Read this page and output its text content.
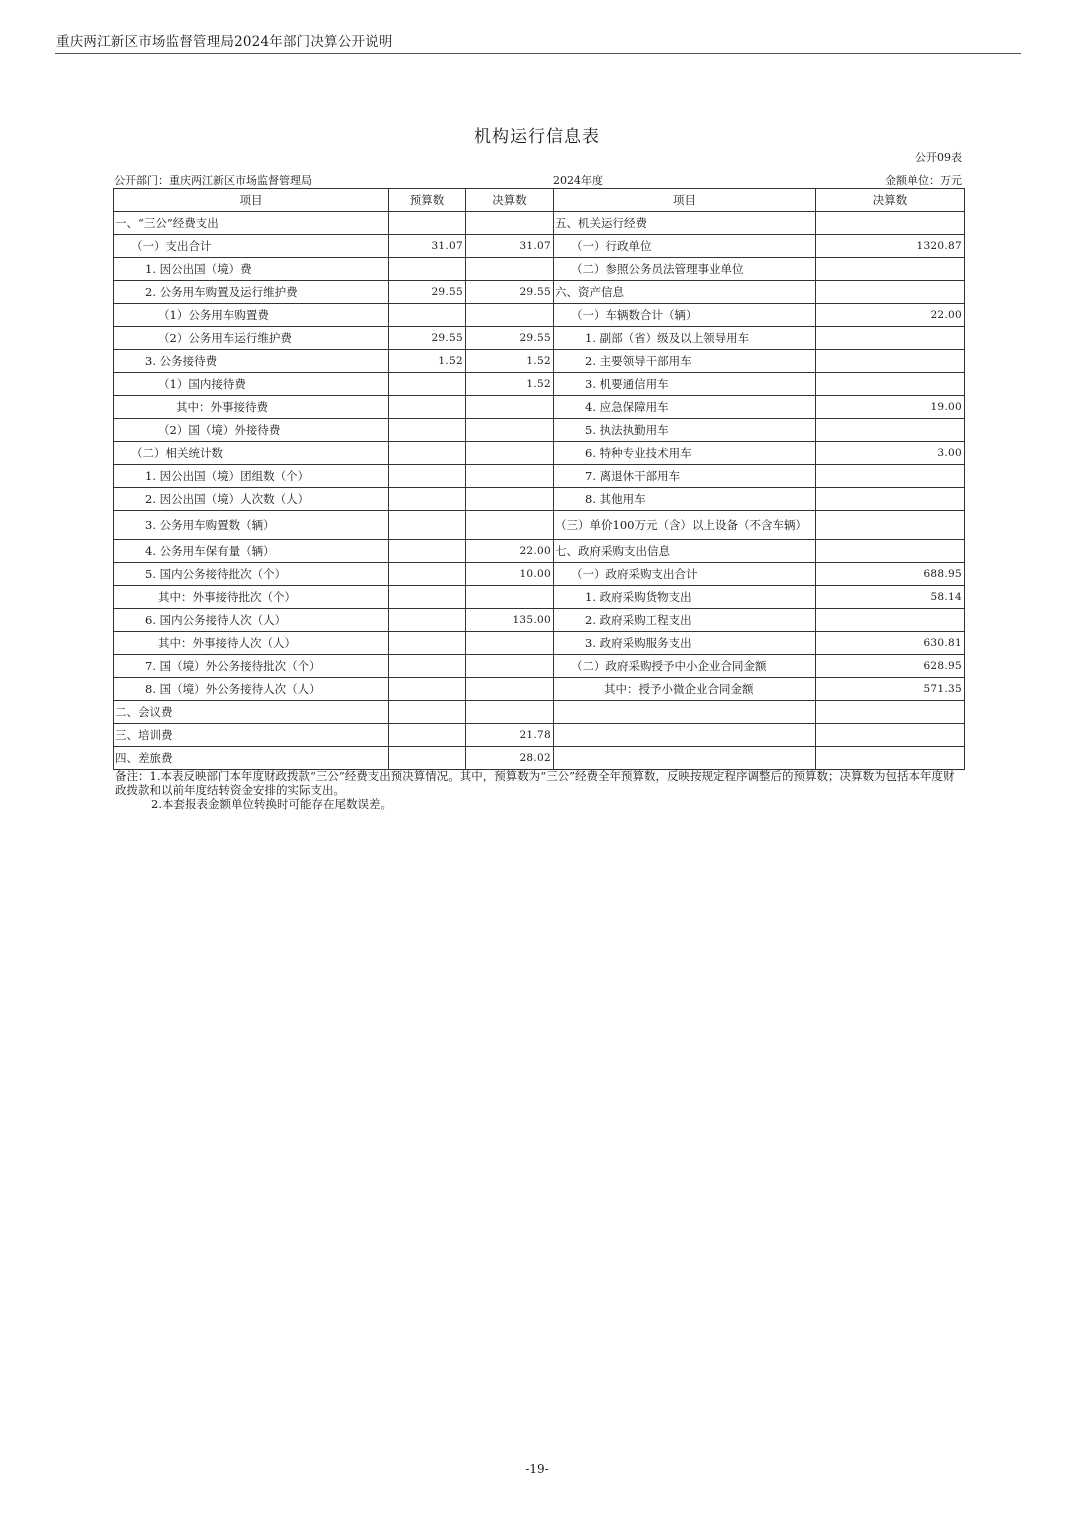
重庆两江新区市场监督管理局2024年部门决算公开说明
机构运行信息表
公开09表
公开部门：重庆两江新区市场监督管理局	2024年度	金额单位：万元
项目	预算数	决算数	项目	决算数
一、“三公”经费支出			五、机关运行经费	
（一）支出合计	31.07	31.07	（一）行政单位	1320.87
1. 因公出国（境）费			（二）参照公务员法管理事业单位	
2. 公务用车购置及运行维护费	29.55	29.55	六、资产信息	
（1）公务用车购置费			（一）车辆数合计（辆）	22.00
（2）公务用车运行维护费	29.55	29.55	1. 副部（省）级及以上领导用车	
3. 公务接待费	1.52	1.52	2. 主要领导干部用车	
（1）国内接待费		1.52	3. 机要通信用车	
其中：外事接待费			4. 应急保障用车	19.00
（2）国（境）外接待费			5. 执法执勤用车	
（二）相关统计数			6. 特种专业技术用车	3.00
1. 因公出国（境）团组数（个）			7. 离退休干部用车	
2. 因公出国（境）人次数（人）			8. 其他用车	
3. 公务用车购置数（辆）			（三）单价100万元（含）以上设备（不含车辆）	
4. 公务用车保有量（辆）		22.00	七、政府采购支出信息	
5. 国内公务接待批次（个）		10.00	（一）政府采购支出合计	688.95
其中：外事接待批次（个）			1. 政府采购货物支出	58.14
6. 国内公务接待人次（人）		135.00	2. 政府采购工程支出	
其中：外事接待人次（人）			3. 政府采购服务支出	630.81
7. 国（境）外公务接待批次（个）			（二）政府采购授予中小企业合同金额	628.95
8. 国（境）外公务接待人次（人）			其中：授予小微企业合同金额	571.35
二、会议费				
三、培训费		21.78		
四、差旅费		28.02		

备注：1.本表反映部门本年度财政拨款“三公”经费支出预决算情况。其中，预算数为“三公”经费全年预算数，反映按规定程序调整后的预算数；决算数为包括本年度财政拨款和以前年度结转资金安排的实际支出。

2.本套报表金额单位转换时可能存在尾数误差。

-19-
